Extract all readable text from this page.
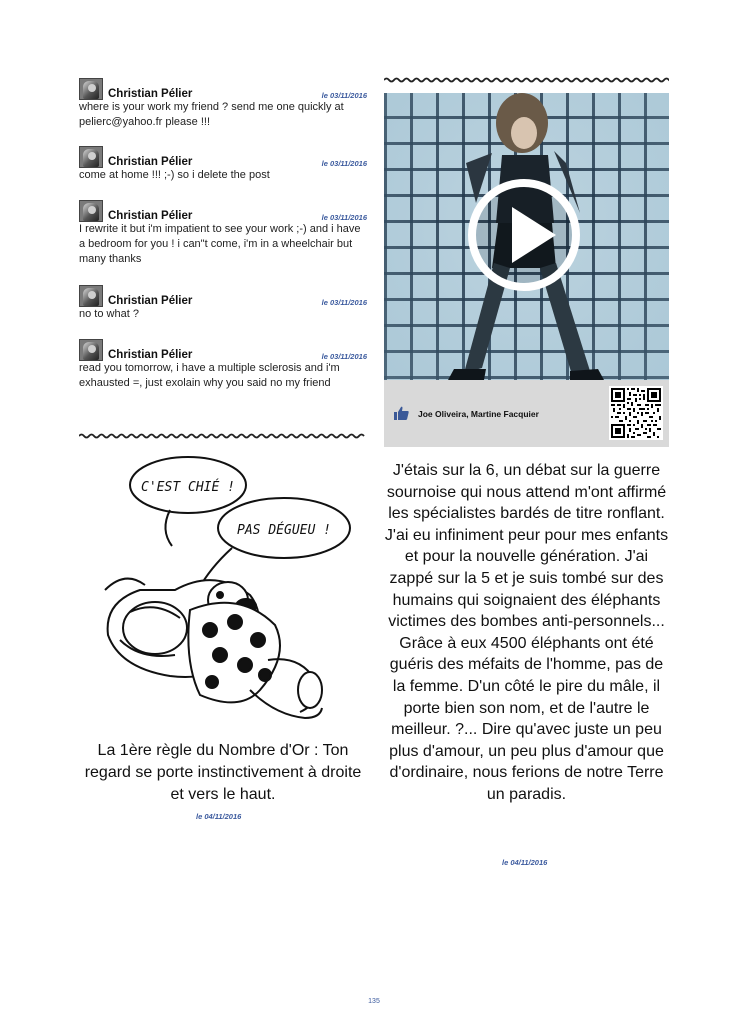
Christian Pélier	le 03/11/2016
where is your work my friend ? send me one quickly at pelierc@yahoo.fr please !!!
Christian Pélier	le 03/11/2016
come at home !!! ;-) so i delete the post
Christian Pélier	le 03/11/2016
I rewrite it but i'm impatient to see your work ;-) and i have a bedroom for you ! i can"t come, i'm in a wheelchair but many thanks
Christian Pélier	le 03/11/2016
no to what ?
Christian Pélier	le 03/11/2016
read you tomorrow, i have a multiple sclerosis and i'm exhausted =, just exolain why you said no my friend
Joe Oliveira, Martine Facquier
C'EST CHIÉ !
PAS DÉGUEU !
La 1ère règle du Nombre d'Or : Ton regard se porte instinctivement à droite et vers le haut.
le 04/11/2016
J'étais sur la 6, un débat sur la guerre sournoise qui nous attend m'ont affirmé les spécialistes bardés de titre ronflant. J'ai eu infiniment peur pour mes enfants et pour la nouvelle génération. J'ai zappé sur la 5 et je suis tombé sur des humains qui soignaient des éléphants victimes des bombes anti-personnels... Grâce à eux 4500 éléphants ont été guéris des méfaits de l'homme, pas de la femme. D'un côté le pire du mâle, il porte bien son nom, et de l'autre le meilleur. ?... Dire qu'avec juste un peu plus d'amour, un peu plus d'amour que d'ordinaire, nous ferions de notre Terre un paradis.
le 04/11/2016
135
